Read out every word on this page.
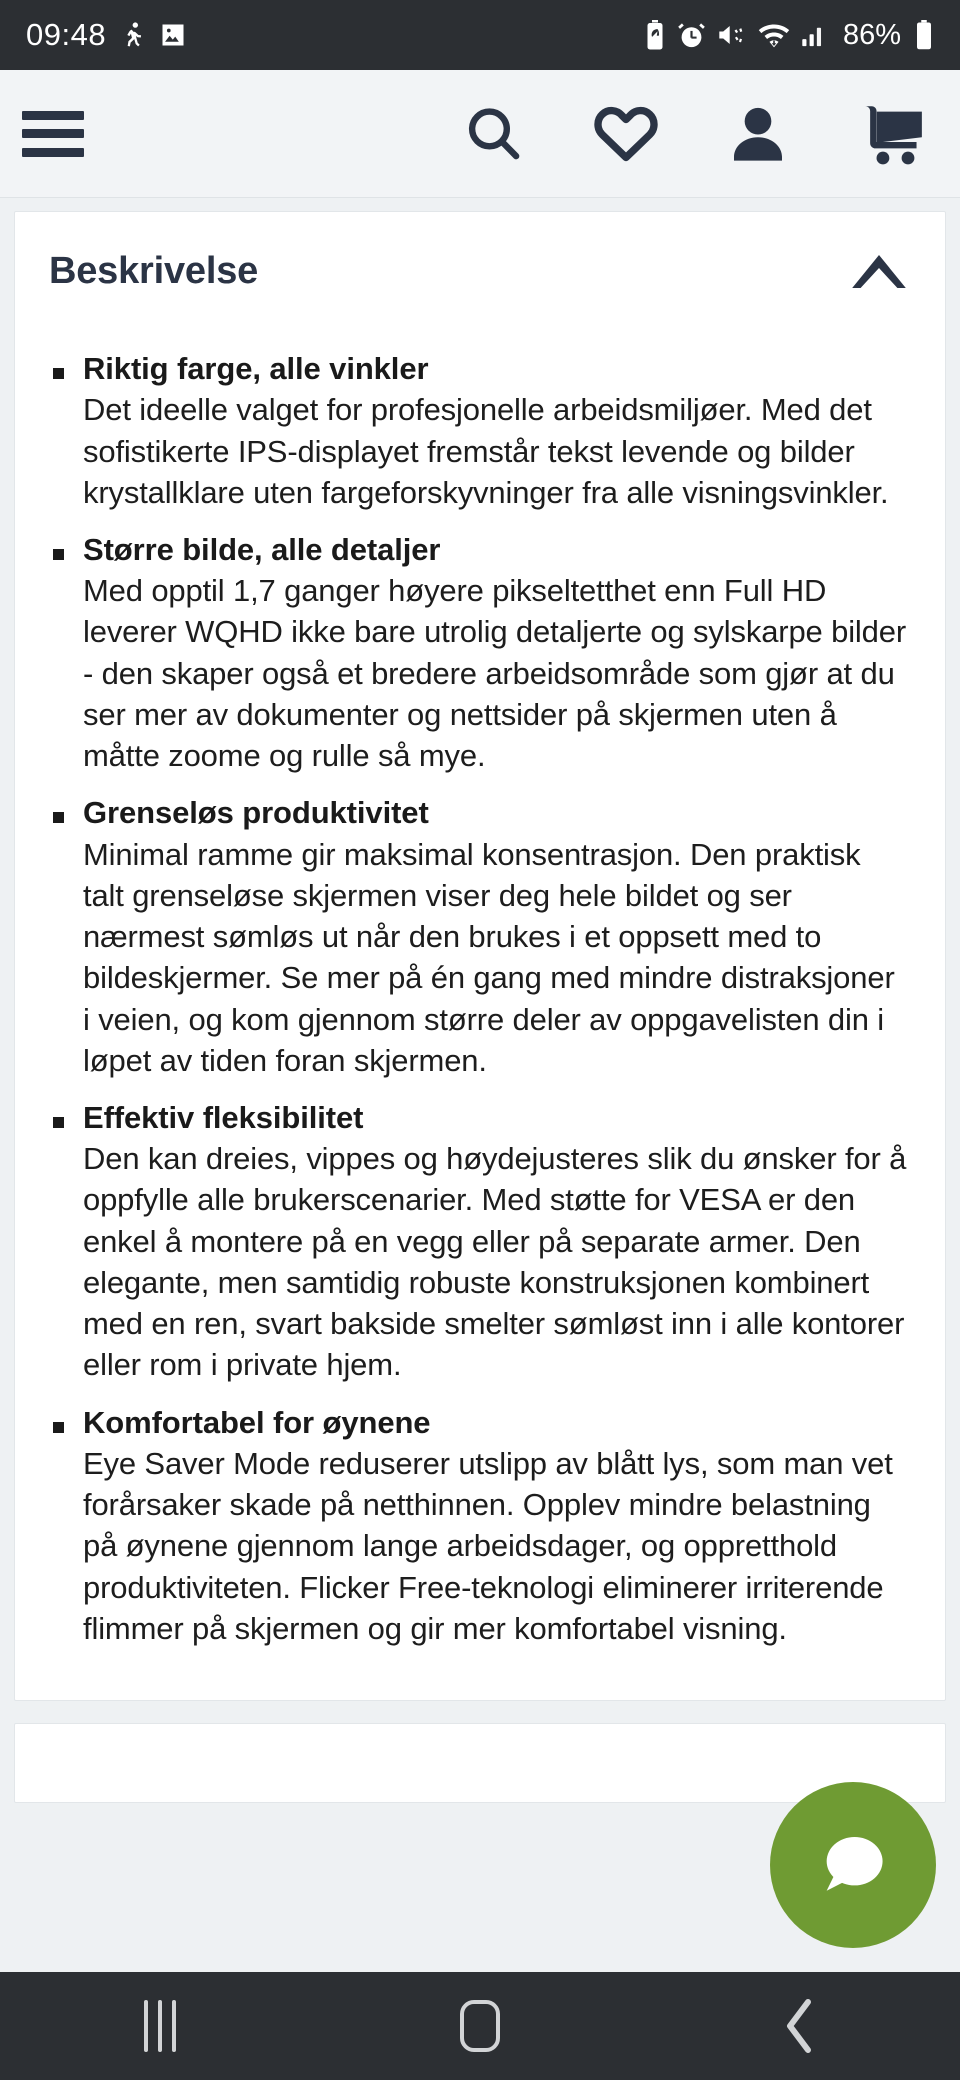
09:48	86%
Beskrivelse
Riktig farge, alle vinkler
Det ideelle valget for profesjonelle arbeidsmiljøer. Med det sofistikerte IPS-displayet fremstår tekst levende og bilder krystallklare uten fargeforskyvninger fra alle visningsvinkler.
Større bilde, alle detaljer
Med opptil 1,7 ganger høyere pikseltetthet enn Full HD leverer WQHD ikke bare utrolig detaljerte og sylskarpe bilder - den skaper også et bredere arbeidsområde som gjør at du ser mer av dokumenter og nettsider på skjermen uten å måtte zoome og rulle så mye.
Grenseløs produktivitet
Minimal ramme gir maksimal konsentrasjon. Den praktisk talt grenseløse skjermen viser deg hele bildet og ser nærmest sømløs ut når den brukes i et oppsett med to bildeskjermer. Se mer på én gang med mindre distraksjoner i veien, og kom gjennom større deler av oppgavelisten din i løpet av tiden foran skjermen.
Effektiv fleksibilitet
Den kan dreies, vippes og høydejusteres slik du ønsker for å oppfylle alle brukerscenarier. Med støtte for VESA er den enkel å montere på en vegg eller på separate armer. Den elegante, men samtidig robuste konstruksjonen kombinert med en ren, svart bakside smelter sømløst inn i alle kontorer eller rom i private hjem.
Komfortabel for øynene
Eye Saver Mode reduserer utslipp av blått lys, som man vet forårsaker skade på netthinnen. Opplev mindre belastning på øynene gjennom lange arbeidsdager, og oppretthold produktiviteten. Flicker Free-teknologi eliminerer irriterende flimmer på skjermen og gir mer komfortabel visning.
